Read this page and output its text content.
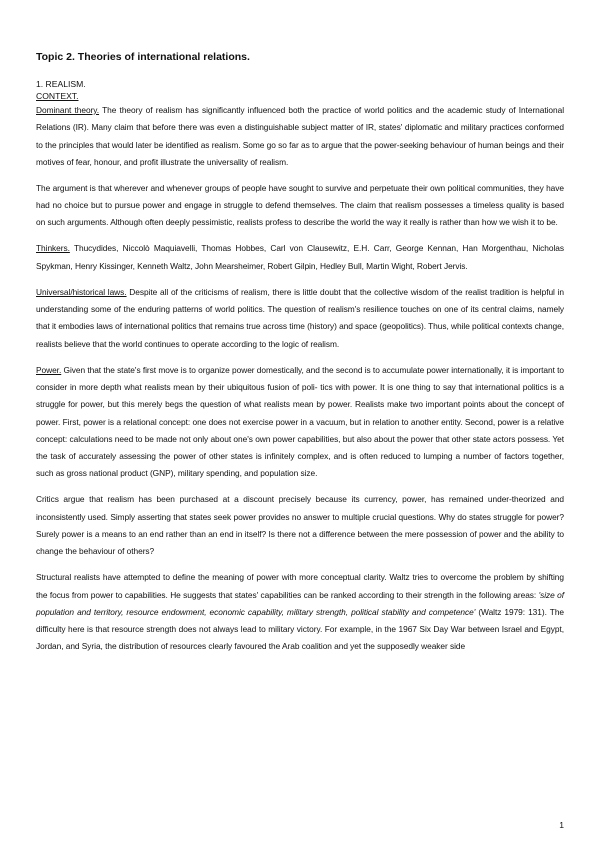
Topic 2. Theories of international relations.
1. REALISM.
CONTEXT.

Dominant theory. The theory of realism has significantly influenced both the practice of world politics and the academic study of International Relations (IR). Many claim that before there was even a distinguishable subject matter of IR, states' diplomatic and military practices conformed to the principles that would later be identified as realism. Some go so far as to argue that the power-seeking behaviour of human beings and their motives of fear, honour, and profit illustrate the universality of realism.

The argument is that wherever and whenever groups of people have sought to survive and perpetuate their own political communities, they have had no choice but to pursue power and engage in struggle to defend themselves. The claim that realism possesses a timeless quality is based on such arguments. Although often deeply pessimistic, realists profess to describe the world the way it really is rather than how we wish it to be.

Thinkers. Thucydides, Niccolò Maquiavelli, Thomas Hobbes, Carl von Clausewitz, E.H. Carr, George Kennan, Han Morgenthau, Nicholas Spykman, Henry Kissinger, Kenneth Waltz, John Mearsheimer, Robert Gilpin, Hedley Bull, Martin Wight, Robert Jervis.

Universal/historical laws. Despite all of the criticisms of realism, there is little doubt that the collective wisdom of the realist tradition is helpful in understanding some of the enduring patterns of world politics. The question of realism's resilience touches on one of its central claims, namely that it embodies laws of international politics that remains true across time (history) and space (geopolitics). Thus, while political contexts change, realists believe that the world continues to operate according to the logic of realism.

Power. Given that the state's first move is to organize power domestically, and the second is to accumulate power internationally, it is important to consider in more depth what realists mean by their ubiquitous fusion of poli- tics with power. It is one thing to say that international politics is a struggle for power, but this merely begs the question of what realists mean by power. Realists make two important points about the concept of power. First, power is a relational concept: one does not exercise power in a vacuum, but in relation to another entity. Second, power is a relative concept: calculations need to be made not only about one's own power capabilities, but also about the power that other state actors possess. Yet the task of accurately assessing the power of other states is infinitely complex, and is often reduced to lumping a number of factors together, such as gross national product (GNP), military spending, and population size.

Critics argue that realism has been purchased at a discount precisely because its currency, power, has remained under-theorized and inconsistently used. Simply asserting that states seek power provides no answer to multiple crucial questions. Why do states struggle for power? Surely power is a means to an end rather than an end in itself? Is there not a difference between the mere possession of power and the ability to change the behaviour of others?

Structural realists have attempted to define the meaning of power with more conceptual clarity. Waltz tries to overcome the problem by shifting the focus from power to capabilities. He suggests that states' capabilities can be ranked according to their strength in the following areas: 'size of population and territory, resource endowment, economic capability, military strength, political stability and competence' (Waltz 1979: 131). The difficulty here is that resource strength does not always lead to military victory. For example, in the 1967 Six Day War between Israel and Egypt, Jordan, and Syria, the distribution of resources clearly favoured the Arab coalition and yet the supposedly weaker side

1
